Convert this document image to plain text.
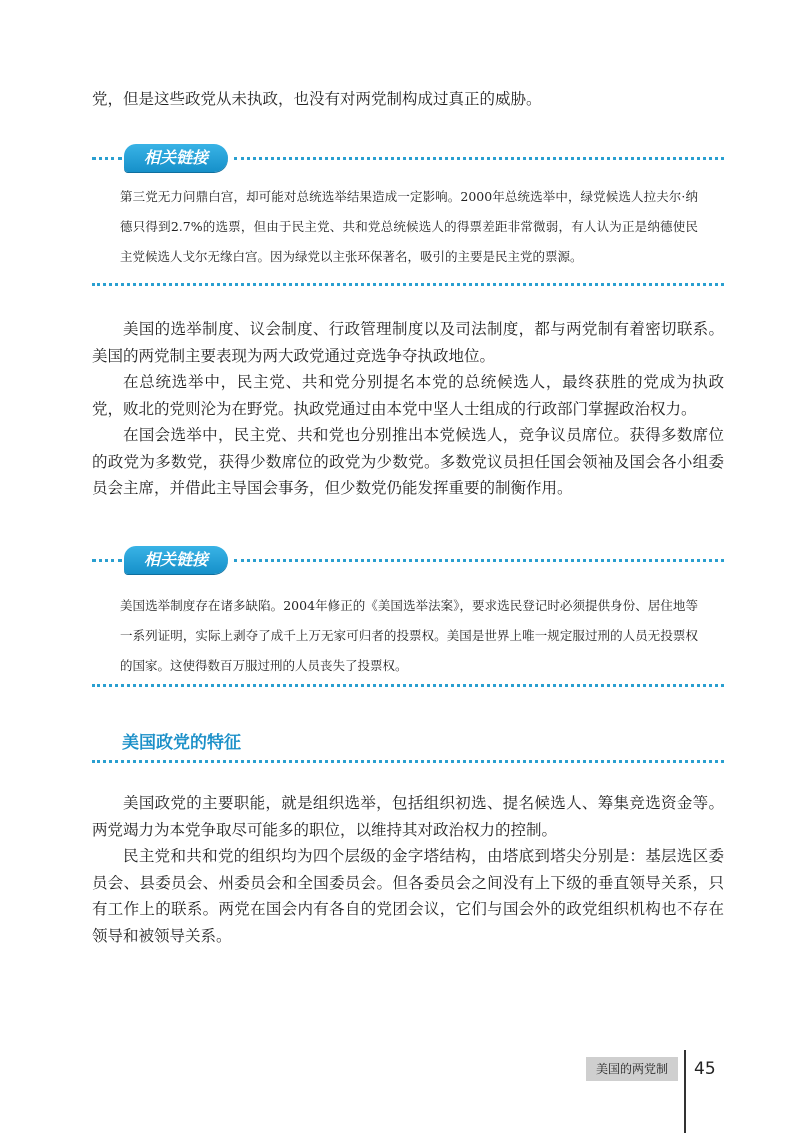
党，但是这些政党从未执政，也没有对两党制构成过真正的威胁。

相关链接

第三党无力问鼎白宫，却可能对总统选举结果造成一定影响。2000年总统选举中，绿党候选人拉夫尔·纳德只得到2.7%的选票，但由于民主党、共和党总统候选人的得票差距非常微弱，有人认为正是纳德使民主党候选人戈尔无缘白宫。因为绿党以主张环保著名，吸引的主要是民主党的票源。

美国的选举制度、议会制度、行政管理制度以及司法制度，都与两党制有着密切联系。美国的两党制主要表现为两大政党通过竞选争夺执政地位。

在总统选举中，民主党、共和党分别提名本党的总统候选人，最终获胜的党成为执政党，败北的党则沦为在野党。执政党通过由本党中坚人士组成的行政部门掌握政治权力。

在国会选举中，民主党、共和党也分别推出本党候选人，竞争议员席位。获得多数席位的政党为多数党，获得少数席位的政党为少数党。多数党议员担任国会领袖及国会各小组委员会主席，并借此主导国会事务，但少数党仍能发挥重要的制衡作用。

相关链接

美国选举制度存在诸多缺陷。2004年修正的《美国选举法案》，要求选民登记时必须提供身份、居住地等一系列证明，实际上剥夺了成千上万无家可归者的投票权。美国是世界上唯一规定服过刑的人员无投票权的国家。这使得数百万服过刑的人员丧失了投票权。

美国政党的特征

美国政党的主要职能，就是组织选举，包括组织初选、提名候选人、筹集竞选资金等。两党竭力为本党争取尽可能多的职位，以维持其对政治权力的控制。

民主党和共和党的组织均为四个层级的金字塔结构，由塔底到塔尖分别是：基层选区委员会、县委员会、州委员会和全国委员会。但各委员会之间没有上下级的垂直领导关系，只有工作上的联系。两党在国会内有各自的党团会议，它们与国会外的政党组织机构也不存在领导和被领导关系。

美国的两党制	45
